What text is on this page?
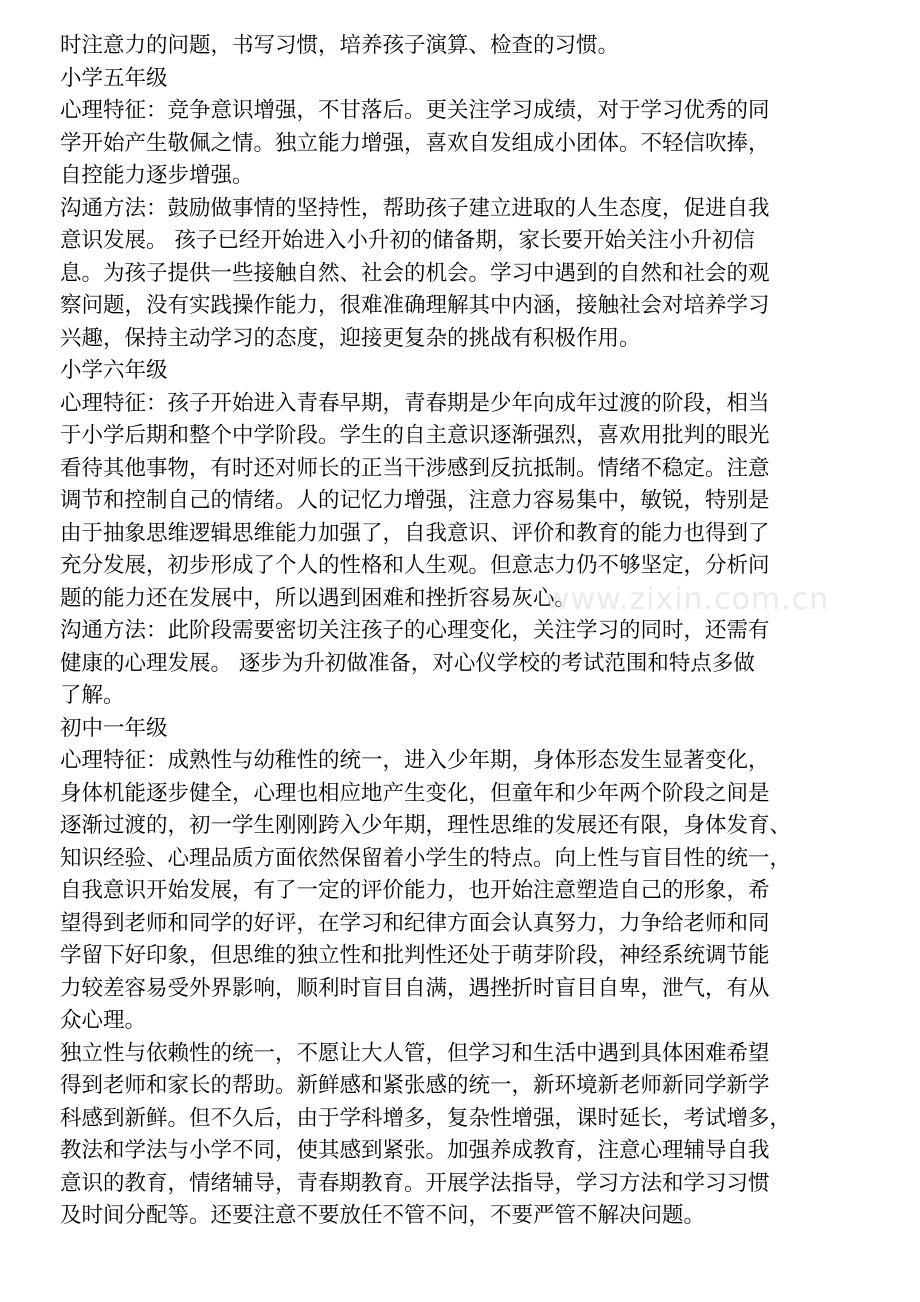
时注意力的问题，书写习惯，培养孩子演算、检查的习惯。
小学五年级
心理特征：竞争意识增强，不甘落后。更关注学习成绩，对于学习优秀的同
学开始产生敬佩之情。独立能力增强，喜欢自发组成小团体。不轻信吹捧，
自控能力逐步增强。
沟通方法：鼓励做事情的坚持性，帮助孩子建立进取的人生态度，促进自我
意识发展。 孩子已经开始进入小升初的储备期，家长要开始关注小升初信
息。为孩子提供一些接触自然、社会的机会。学习中遇到的自然和社会的观
察问题，没有实践操作能力，很难准确理解其中内涵，接触社会对培养学习
兴趣，保持主动学习的态度，迎接更复杂的挑战有积极作用。
小学六年级
心理特征：孩子开始进入青春早期，青春期是少年向成年过渡的阶段，相当
于小学后期和整个中学阶段。学生的自主意识逐渐强烈，喜欢用批判的眼光
看待其他事物，有时还对师长的正当干涉感到反抗抵制。情绪不稳定。注意
调节和控制自己的情绪。人的记忆力增强，注意力容易集中，敏锐，特别是
由于抽象思维逻辑思维能力加强了，自我意识、评价和教育的能力也得到了
充分发展，初步形成了个人的性格和人生观。但意志力仍不够坚定，分析问
题的能力还在发展中，所以遇到困难和挫折容易灰心。
沟通方法：此阶段需要密切关注孩子的心理变化，关注学习的同时，还需有
健康的心理发展。 逐步为升初做准备，对心仪学校的考试范围和特点多做
了解。
初中一年级
心理特征：成熟性与幼稚性的统一，进入少年期，身体形态发生显著变化，
身体机能逐步健全，心理也相应地产生变化，但童年和少年两个阶段之间是
逐渐过渡的，初一学生刚刚跨入少年期，理性思维的发展还有限，身体发育、
知识经验、心理品质方面依然保留着小学生的特点。向上性与盲目性的统一，
自我意识开始发展，有了一定的评价能力，也开始注意塑造自己的形象，希
望得到老师和同学的好评，在学习和纪律方面会认真努力，力争给老师和同
学留下好印象，但思维的独立性和批判性还处于萌芽阶段，神经系统调节能
力较差容易受外界影响，顺利时盲目自满，遇挫折时盲目自卑，泄气，有从
众心理。
独立性与依赖性的统一，不愿让大人管，但学习和生活中遇到具体困难希望
得到老师和家长的帮助。新鲜感和紧张感的统一，新环境新老师新同学新学
科感到新鲜。但不久后，由于学科增多，复杂性增强，课时延长，考试增多，
教法和学法与小学不同，使其感到紧张。加强养成教育，注意心理辅导自我
意识的教育，情绪辅导，青春期教育。开展学法指导，学习方法和学习习惯
及时间分配等。还要注意不要放任不管不问，不要严管不解决问题。
www.zixin.com.cn
